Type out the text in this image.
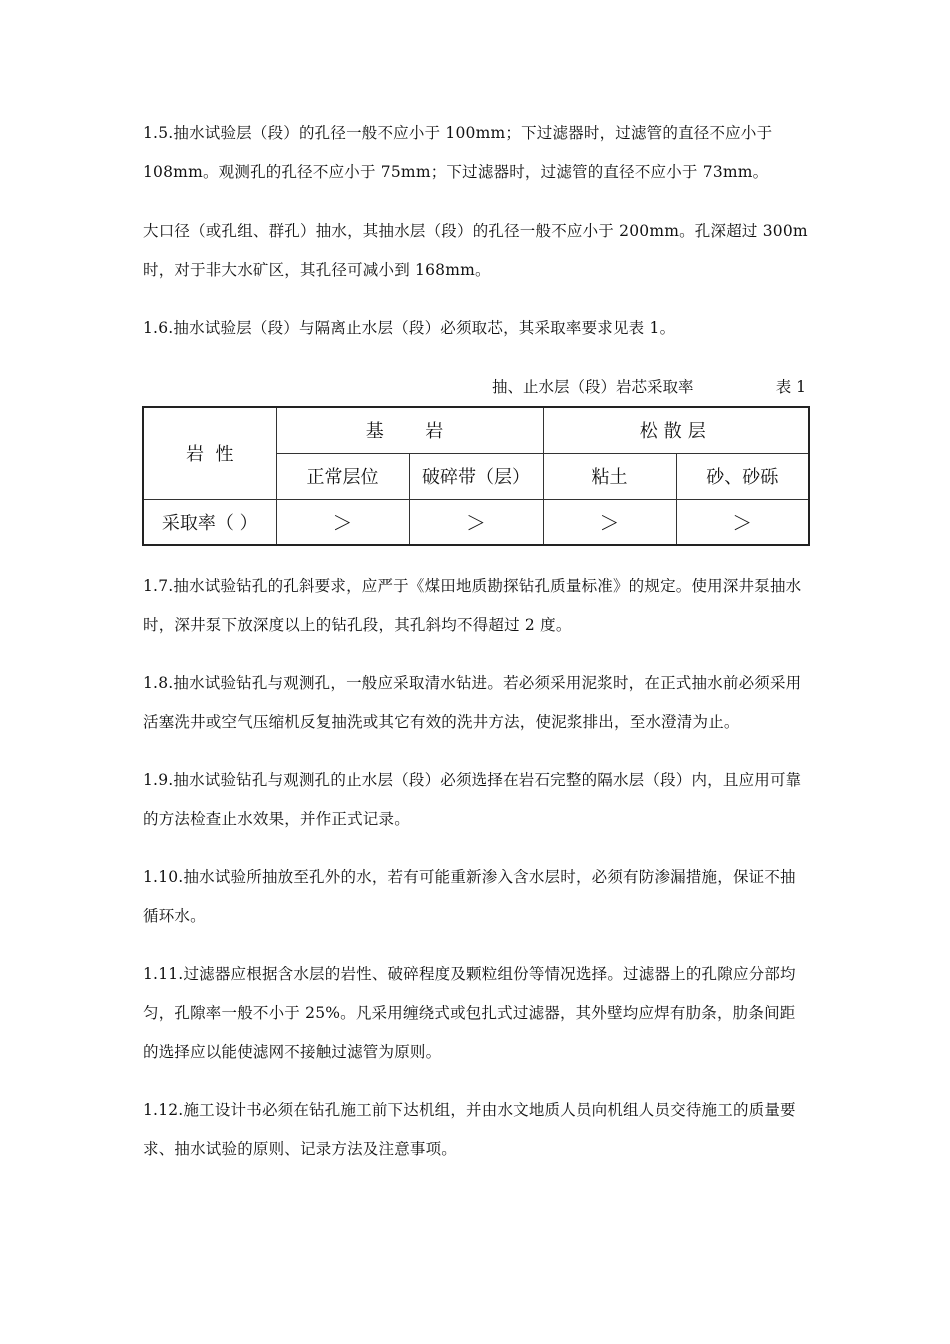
1.5.抽水试验层（段）的孔径一般不应小于 100mm；下过滤器时，过滤管的直径不应小于 108mm。观测孔的孔径不应小于 75mm；下过滤器时，过滤管的直径不应小于 73mm。

大口径（或孔组、群孔）抽水，其抽水层（段）的孔径一般不应小于 200mm。孔深超过 300m 时，对于非大水矿区，其孔径可减小到 168mm。

1.6.抽水试验层（段）与隔离止水层（段）必须取芯，其采取率要求见表 1。

抽、止水层（段）岩芯采取率	表 1
岩  性	基  岩		松散层	
	正常层位	破碎带（层）	粘土	砂、砂砾
采取率（ ）	＞	＞	＞	＞

1.7.抽水试验钻孔的孔斜要求，应严于《煤田地质勘探钻孔质量标准》的规定。使用深井泵抽水时，深井泵下放深度以上的钻孔段，其孔斜均不得超过 2 度。

1.8.抽水试验钻孔与观测孔，一般应采取清水钻进。若必须采用泥浆时，在正式抽水前必须采用活塞洗井或空气压缩机反复抽洗或其它有效的洗井方法，使泥浆排出，至水澄清为止。

1.9.抽水试验钻孔与观测孔的止水层（段）必须选择在岩石完整的隔水层（段）内，且应用可靠的方法检查止水效果，并作正式记录。

1.10.抽水试验所抽放至孔外的水，若有可能重新渗入含水层时，必须有防渗漏措施，保证不抽循环水。

1.11.过滤器应根据含水层的岩性、破碎程度及颗粒组份等情况选择。过滤器上的孔隙应分部均匀，孔隙率一般不小于 25%。凡采用缠绕式或包扎式过滤器，其外壁均应焊有肋条，肋条间距的选择应以能使滤网不接触过滤管为原则。

1.12.施工设计书必须在钻孔施工前下达机组，并由水文地质人员向机组人员交待施工的质量要求、抽水试验的原则、记录方法及注意事项。
